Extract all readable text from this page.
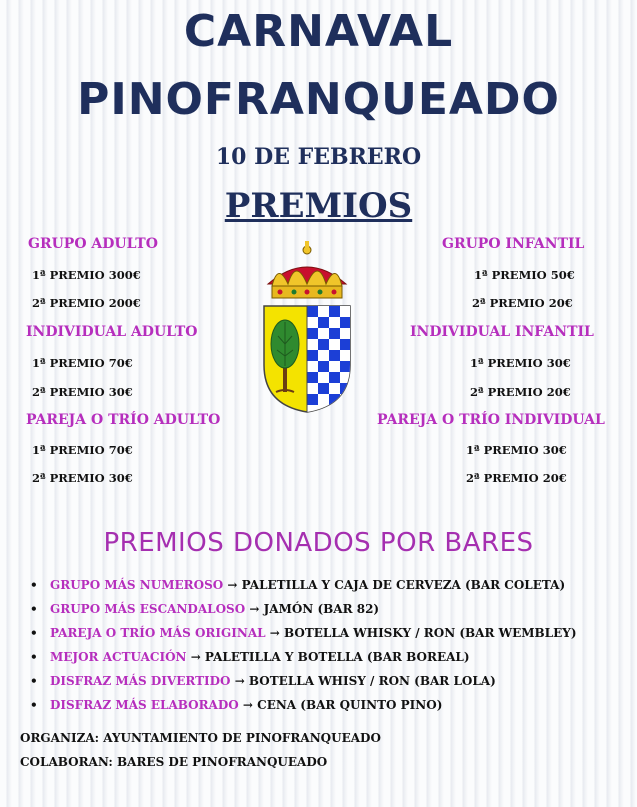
CARNAVAL
PINOFRANQUEADO
10 DE FEBRERO
PREMIOS
GRUPO ADULTO
1ª PREMIO 300€
2ª PREMIO 200€
INDIVIDUAL ADULTO
1ª PREMIO 70€
2ª PREMIO 30€
PAREJA O TRÍO ADULTO
1ª PREMIO 70€
2ª PREMIO 30€
GRUPO INFANTIL
1ª PREMIO 50€
2ª PREMIO 20€
INDIVIDUAL INFANTIL
1ª PREMIO 30€
2ª PREMIO 20€
PAREJA O TRÍO INDIVIDUAL
1ª PREMIO 30€
2ª PREMIO 20€
PREMIOS DONADOS POR BARES
• GRUPO MÁS NUMEROSO → PALETILLA Y CAJA DE CERVEZA (BAR COLETA)
• GRUPO MÁS ESCANDALOSO → JAMÓN (BAR 82)
• PAREJA O TRÍO MÁS ORIGINAL → BOTELLA WHISKY / RON (BAR WEMBLEY)
• MEJOR ACTUACIÓN → PALETILLA Y BOTELLA (BAR BOREAL)
• DISFRAZ MÁS DIVERTIDO → BOTELLA WHISY / RON (BAR LOLA)
• DISFRAZ MÁS ELABORADO → CENA (BAR QUINTO PINO)
ORGANIZA: AYUNTAMIENTO DE PINOFRANQUEADO
COLABORAN: BARES DE PINOFRANQUEADO
